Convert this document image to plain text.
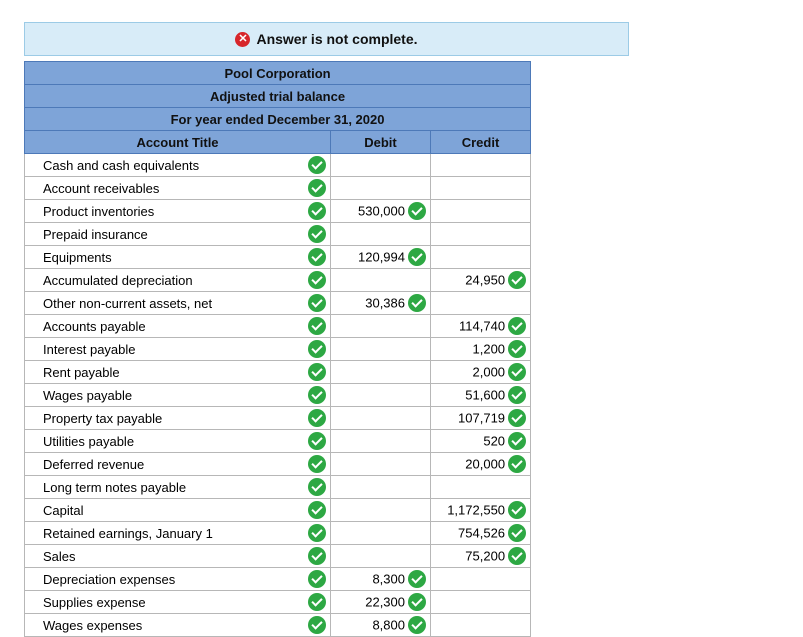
✕ Answer is not complete.
Pool Corporation			
Adjusted trial balance			
For year ended December 31, 2020			
Account Title		Debit	Credit
Cash and cash equivalents			
Account receivables			
Product inventories		530,000	
Prepaid insurance			
Equipments		120,994	
Accumulated depreciation			24,950
Other non-current assets, net		30,386	
Accounts payable			114,740
Interest payable			1,200
Rent payable			2,000
Wages payable			51,600
Property tax payable			107,719
Utilities payable			520
Deferred revenue			20,000
Long term notes payable			
Capital			1,172,550
Retained earnings, January 1			754,526
Sales			75,200
Depreciation expenses		8,300	
Supplies expense		22,300	
Wages expenses		8,800	
